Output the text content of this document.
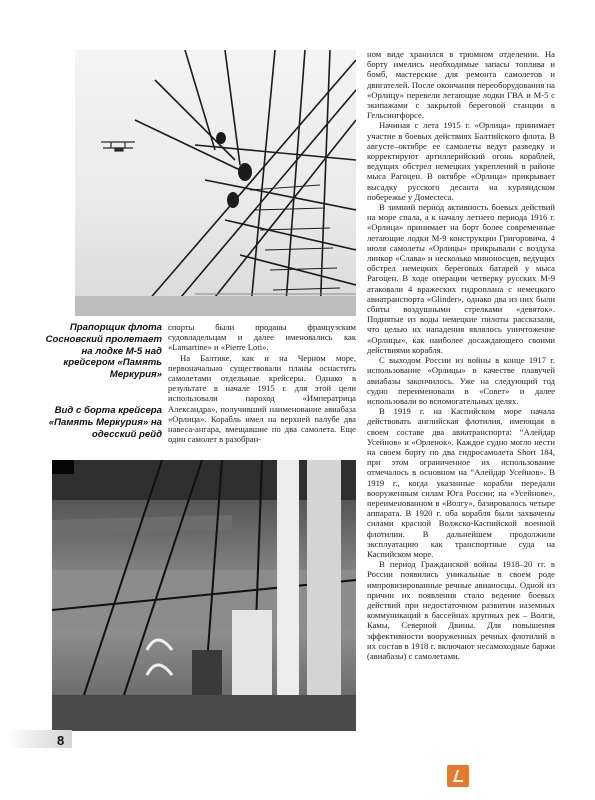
Прапорщик флота Сосновский пролетает на лодке М-5 над крейсером «Память Меркурия»
Вид с борта крейсера «Память Меркурия» на одесский рейд

спорты были проданы французским судовладельцам и далее именовались как «Lamartine» и «Pierre Loti».

На Балтике, как и на Черном море, первоначально существовали планы оснастить самолетами отдельные крейсеры. Однако в результате в начале 1915 г. для этой цели использовали пароход «Императрица Александра», получивший наименование авиабаза «Орлица». Корабль имел на верхней палубе два навеса-ангара, вмещавшие по два самолета. Еще один самолет в разобран-

ном виде хранился в трюмном отделении. На борту имелись необходимые запасы топлива и бомб, мастерские для ремонта самолетов и двигателей. После окончания переоборудования на «Орлицу» перевели летающие лодки ГВА и М-5 с экипажами с закрытой береговой станции в Гельсингфорсе.

Начиная с лета 1915 г. «Орлица» принимает участие в боевых действиях Балтийского флота. В августе–октябре ее самолеты ведут разведку и корректируют артиллерийский огонь кораблей, ведущих обстрел немецких укреплений в районе мыса Рагоцен. В октябре «Орлица» прикрывает высадку русского десанта на курляндском побережье у Домесteca.

В зимний период активность боевых действий на море спала, а к началу летнего периода 1916 г. «Орлица» принимает на борт более современные летающие лодки М-9 конструкции Григоровича. 4 июля самолеты «Орлицы» прикрывали с воздуха линкор «Слава» и несколько миноносцев, ведущих обстрел немецких береговых батарей у мыса Рагоцен. В ходе операции четверку русских М-9 атаковали 4 вражеских гидроплана с немецкого авиатранспорта «Glinder», однако два из них были сбиты воздушными стрелками «девяток». Поднятые из воды немецкие пилоты рассказали, что целью их нападения являлось уничтожение «Орлицы», как наиболее досаждающего своими действиями корабля.

С выходом России из войны в конце 1917 г. использование «Орлицы» в качестве плавучей авиабазы закончилось. Уже на следующий год судно переименовали в «Совет» и далее использовали во вспомогательных целях.

В 1919 г. на Каспийском море начала действовать английская флотилия, имеющая в своем составе два авиатранспорта: “Алейдар Усейнов» и «Орленок». Каждое судно могло нести на своем борту по два гидросамолета Short 184, при этом ограниченное их использование отмечалось в основном на “Алейдар Усейнов». В 1919 г., когда указанные корабли передали вооруженным силам Юга России; на «Усейнове», переименованном в «Волгу», базировалось четыре аппарата. В 1920 г. оба корабля были захвачены силами красной Волжско-Каспийской военной флотилии. В дальнейшем продолжили эксплуатацию как транспортные суда на Каспийском море.

В период Гражданской войны 1918–20 гг. в России появились уникальные в своем роде импровизированные речные авианосцы. Одной из причин их появления стало ведение боевых действий при недостаточном развитии наземных коммуникаций в бассейнах крупных рек – Волги, Камы, Северной Двины. Для повышения эффективности вооруженных речных флотилий в их состав в 1918 г. включают несамоходные баржи (авиабазы) с самолетами.

8
